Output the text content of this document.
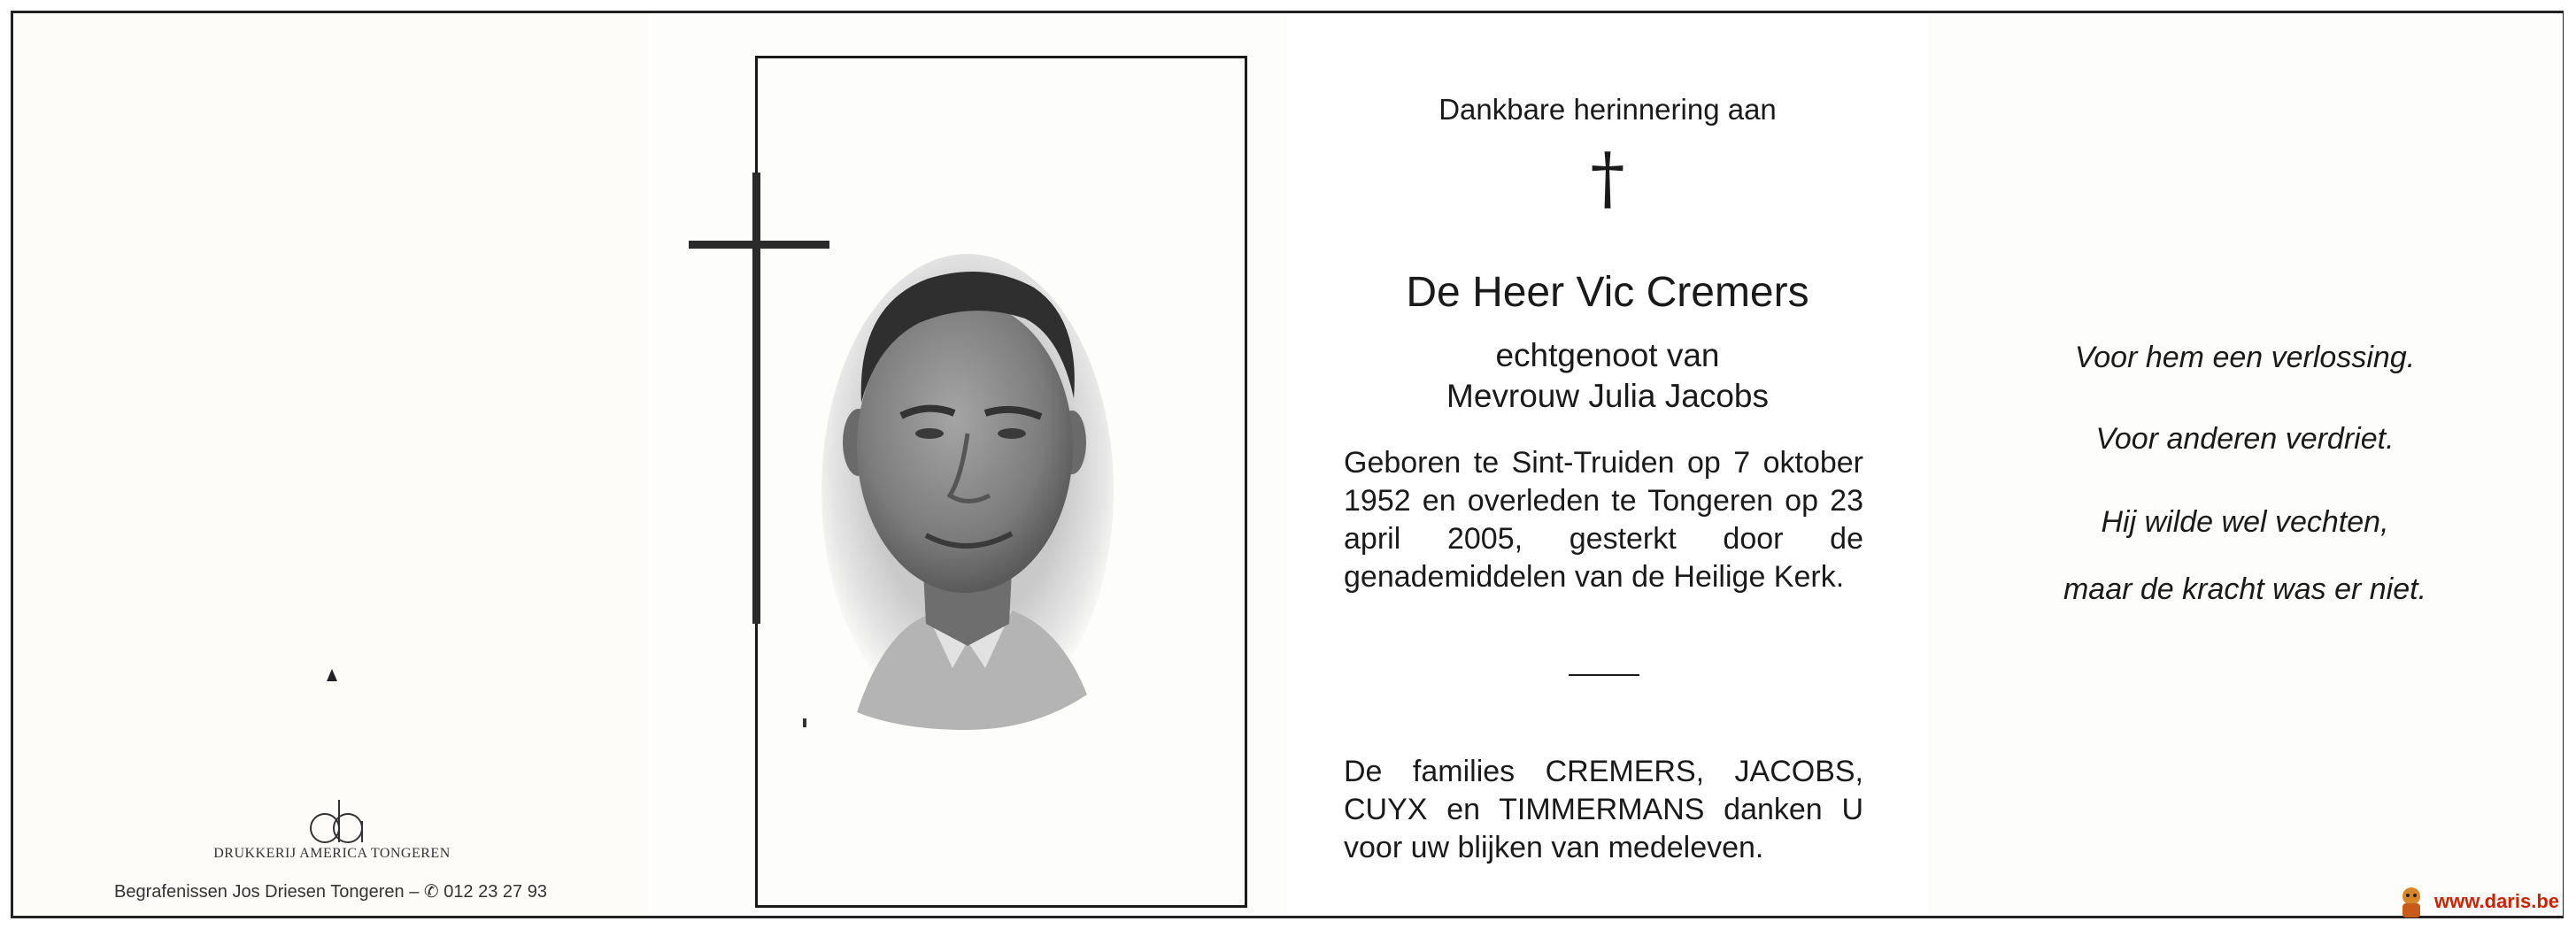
DRUKKERIJ AMERICA TONGEREN
Begrafenissen Jos Driesen Tongeren – ✆ 012 23 27 93
Dankbare herinnering aan
†
De Heer Vic Cremers
echtgenoot van
Mevrouw Julia Jacobs

Geboren te Sint-Truiden op 7 oktober 1952 en overleden te Tongeren op 23 april 2005, gesterkt door de genademiddelen van de Heilige Kerk.

De families CREMERS, JACOBS, CUYX en TIMMERMANS danken U voor uw blijken van medeleven.

Voor hem een verlossing.
Voor anderen verdriet.
Hij wilde wel vechten,
maar de kracht was er niet.
www.daris.be
